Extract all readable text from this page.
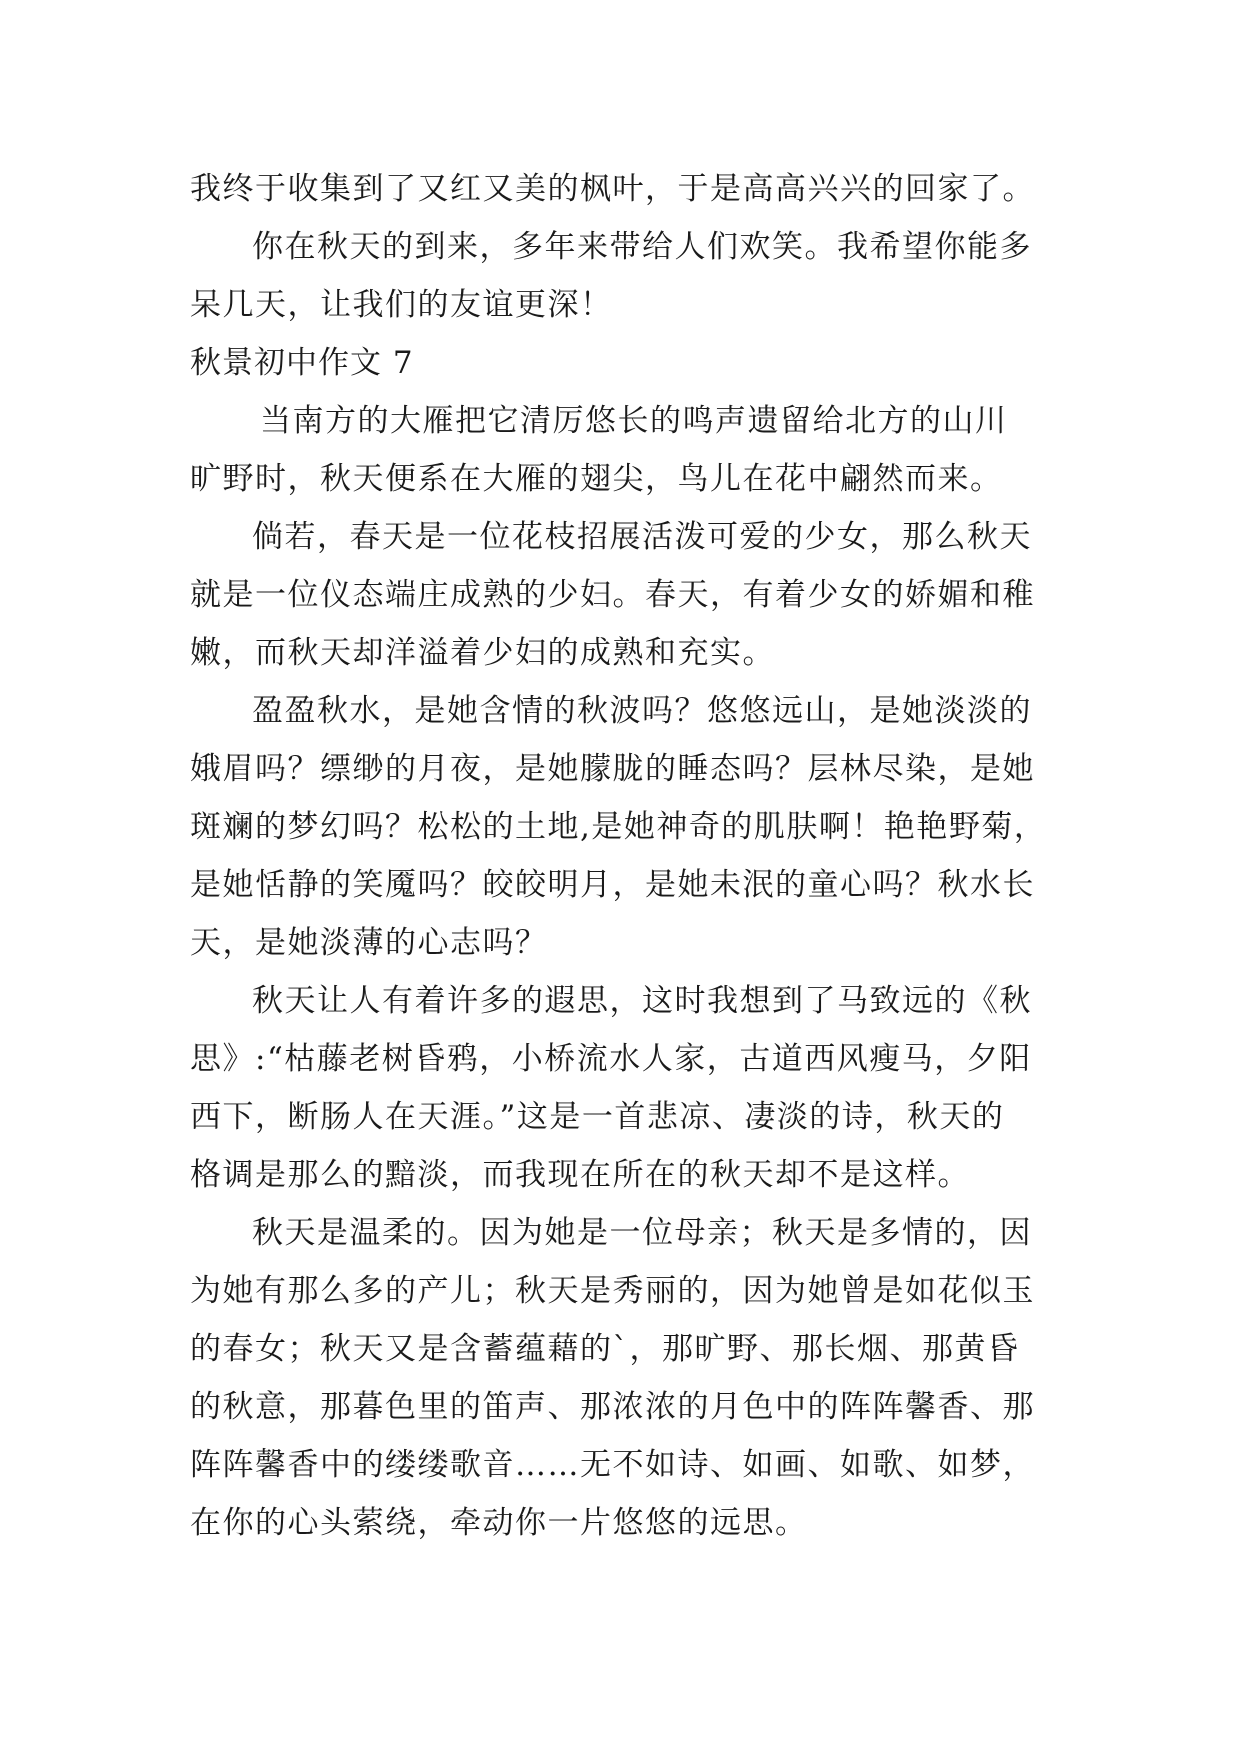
我终于收集到了又红又美的枫叶，于是高高兴兴的回家了。
你在秋天的到来，多年来带给人们欢笑。我希望你能多
呆几天，让我们的友谊更深！
秋景初中作文 7
当南方的大雁把它清厉悠长的鸣声遗留给北方的山川
旷野时，秋天便系在大雁的翅尖，鸟儿在花中翩然而来。
倘若，春天是一位花枝招展活泼可爱的少女，那么秋天
就是一位仪态端庄成熟的少妇。春天，有着少女的娇媚和稚
嫩，而秋天却洋溢着少妇的成熟和充实。
盈盈秋水，是她含情的秋波吗？悠悠远山，是她淡淡的
娥眉吗？缥缈的月夜，是她朦胧的睡态吗？层林尽染，是她
斑斓的梦幻吗？松松的土地,是她神奇的肌肤啊！艳艳野菊，
是她恬静的笑魇吗？皎皎明月，是她未泯的童心吗？秋水长
天，是她淡薄的心志吗？
秋天让人有着许多的遐思，这时我想到了马致远的《秋
思》:“枯藤老树昏鸦，小桥流水人家，古道西风瘦马，夕阳
西下，断肠人在天涯。”这是一首悲凉、凄淡的诗，秋天的
格调是那么的黯淡，而我现在所在的秋天却不是这样。
秋天是温柔的。因为她是一位母亲；秋天是多情的，因
为她有那么多的产儿；秋天是秀丽的，因为她曾是如花似玉
的春女；秋天又是含蓄蕴藉的`，那旷野、那长烟、那黄昏
的秋意，那暮色里的笛声、那浓浓的月色中的阵阵馨香、那
阵阵馨香中的缕缕歌音……无不如诗、如画、如歌、如梦，
在你的心头萦绕，牵动你一片悠悠的远思。
